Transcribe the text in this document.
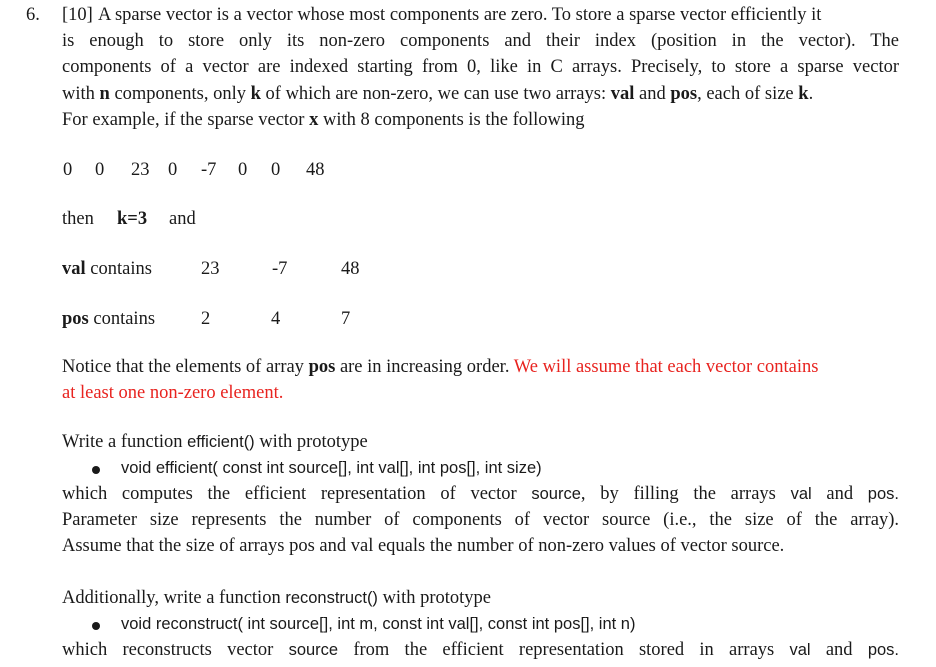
6. [10] A sparse vector is a vector whose most components are zero. To store a sparse vector efficiently it
is enough to store only its non-zero components and their index (position in the vector). The
components of a vector are indexed starting from 0, like in C arrays. Precisely, to store a sparse vector
with n components, only k of which are non-zero, we can use two arrays: val and pos, each of size k.
For example, if the sparse vector x with 8 components is the following
0 0 23 0 -7 0 0 48
then k=3 and
val contains	23	-7	48
pos contains 2	4	7
Notice that the elements of array pos are in increasing order. We will assume that each vector contains
at least one non-zero element.
Write a function efficient() with prototype
void efficient( const int source[], int val[], int pos[], int size)
which computes the efficient representation of vector source, by filling the arrays val and pos.
Parameter size represents the number of components of vector source (i.e., the size of the array).
Assume that the size of arrays pos and val equals the number of non-zero values of vector source.
Additionally, write a function reconstruct() with prototype
void reconstruct( int source[], int m, const int val[], const int pos[], int n)
which reconstructs vector source from the efficient representation stored in arrays val and pos.
